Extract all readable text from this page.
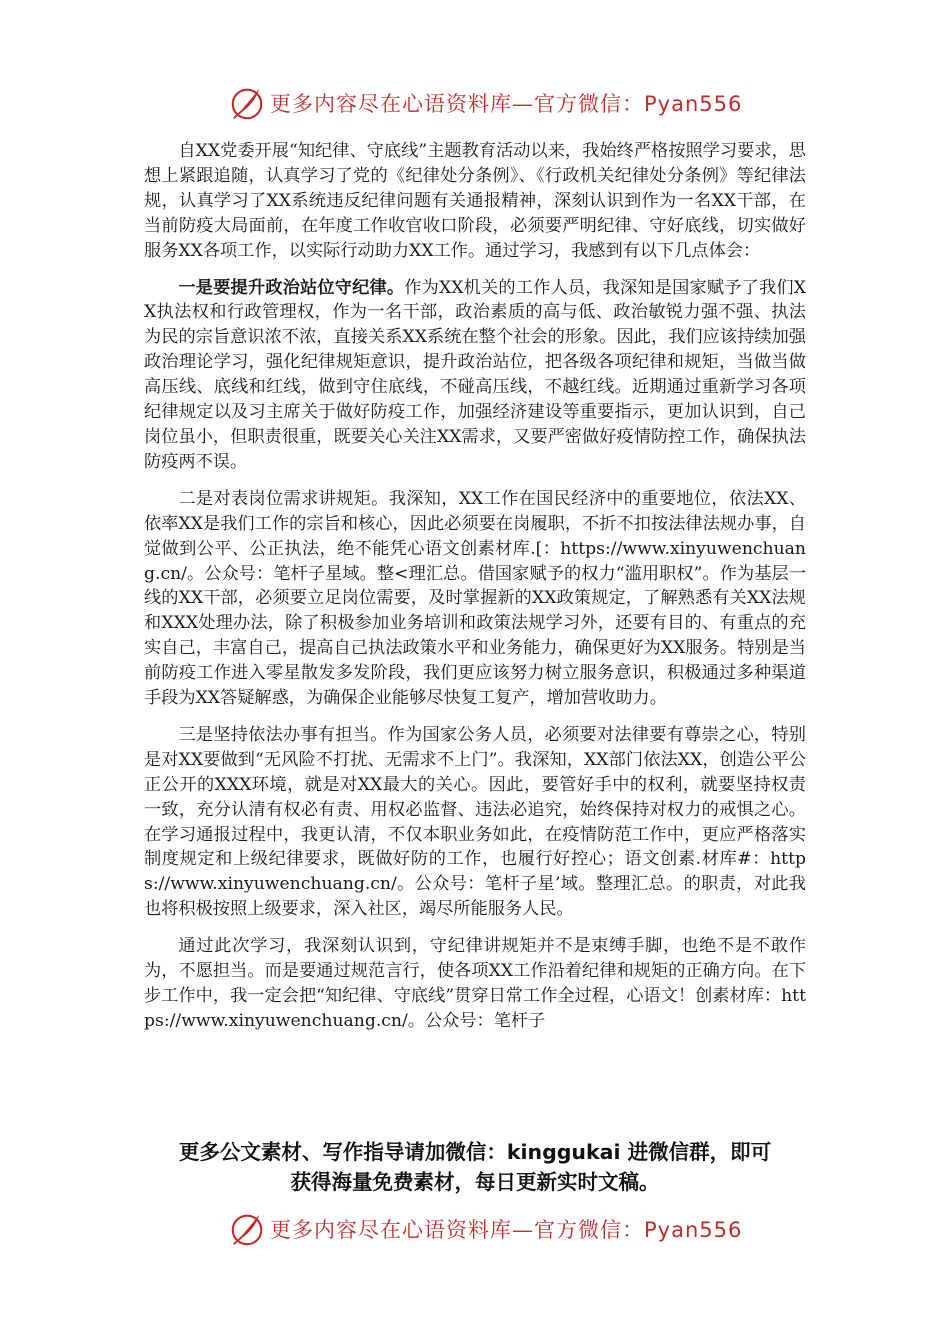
更多内容尽在心语资料库—官方微信：Pyan556

自XX党委开展“知纪律、守底线”主题教育活动以来，我始终严格按照学习要求，思想上紧跟追随，认真学习了党的《纪律处分条例》、《行政机关纪律处分条例》等纪律法规，认真学习了XX系统违反纪律问题有关通报精神，深刻认识到作为一名XX干部，在当前防疫大局面前，在年度工作收官收口阶段，必须要严明纪律、守好底线，切实做好服务XX各项工作，以实际行动助力XX工作。通过学习，我感到有以下几点体会：

一是要提升政治站位守纪律。作为XX机关的工作人员，我深知是国家赋予了我们XX执法权和行政管理权，作为一名干部，政治素质的高与低、政治敏锐力强不强、执法为民的宗旨意识浓不浓，直接关系XX系统在整个社会的形象。因此，我们应该持续加强政治理论学习，强化纪律规矩意识，提升政治站位，把各级各项纪律和规矩，当做当做高压线、底线和红线，做到守住底线，不碰高压线，不越红线。近期通过重新学习各项纪律规定以及习主席关于做好防疫工作，加强经济建设等重要指示，更加认识到，自己岗位虽小，但职责很重，既要关心关注XX需求，又要严密做好疫情防控工作，确保执法防疫两不误。

二是对表岗位需求讲规矩。我深知，XX工作在国民经济中的重要地位，依法XX、依率XX是我们工作的宗旨和核心，因此必须要在岗履职，不折不扣按法律法规办事，自觉做到公平、公正执法，绝不能凭心语文创素材库.[：https://www.xinyuwenchuang.cn/。公众号：笔杆子星域。整<理汇总。借国家赋予的权力“滥用职权”。作为基层一线的XX干部，必须要立足岗位需要，及时掌握新的XX政策规定，了解熟悉有关XX法规和XXX处理办法，除了积极参加业务培训和政策法规学习外，还要有目的、有重点的充实自己，丰富自己，提高自己执法政策水平和业务能力，确保更好为XX服务。特别是当前防疫工作进入零星散发多发阶段，我们更应该努力树立服务意识，积极通过多种渠道手段为XX答疑解惑，为确保企业能够尽快复工复产，增加营收助力。

三是坚持依法办事有担当。作为国家公务人员，必须要对法律要有尊崇之心，特别是对XX要做到“无风险不打扰、无需求不上门”。我深知，XX部门依法XX，创造公平公正公开的XXX环境，就是对XX最大的关心。因此，要管好手中的权利，就要坚持权责一致，充分认清有权必有责、用权必监督、违法必追究，始终保持对权力的戒惧之心。在学习通报过程中，我更认清，不仅本职业务如此，在疫情防范工作中，更应严格落实制度规定和上级纪律要求，既做好防的工作，也履行好控心；语文创素.材库#：https://www.xinyuwenchuang.cn/。公众号：笔杆子星’域。整理汇总。的职责，对此我也将积极按照上级要求，深入社区，竭尽所能服务人民。

通过此次学习，我深刻认识到，守纪律讲规矩并不是束缚手脚，也绝不是不敢作为，不愿担当。而是要通过规范言行，使各项XX工作沿着纪律和规矩的正确方向。在下步工作中，我一定会把“知纪律、守底线”贯穿日常工作全过程，心语文！创素材库：https://www.xinyuwenchuang.cn/。公众号：笔杆子

更多公文素材、写作指导请加微信：kinggukai 进微信群，即可
获得海量免费素材，每日更新实时文稿。
更多内容尽在心语资料库—官方微信：Pyan556
